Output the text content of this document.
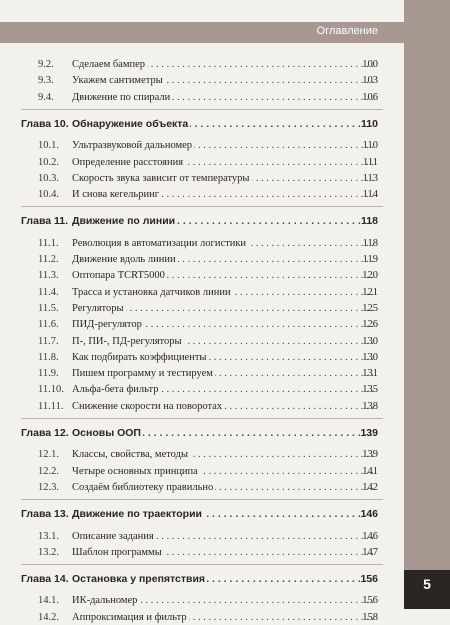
Оглавление
9.2. Сделаем бампер . . .	100
9.3. Укажем сантиметры . . .	103
9.4. Движение по спирали . . .	106
Глава 10. Обнаружение объекта . . .	110
10.1. Ультразвуковой дальномер . . .	110
10.2. Определение расстояния . . .	111
10.3. Скорость звука зависит от температуры . . .	113
10.4. И снова кегельринг . . .	114
Глава 11. Движение по линии . . .	118
11.1. Революция в автоматизации логистики . . .	118
11.2. Движение вдоль линии . . .	119
11.3. Оптопара TCRT5000 . . .	120
11.4. Трасса и установка датчиков линии . . .	121
11.5. Регуляторы . . .	125
11.6. ПИД-регулятор . . .	126
11.7. П-, ПИ-, ПД-регуляторы . . .	130
11.8. Как подбирать коэффициенты . . .	130
11.9. Пишем программу и тестируем . . .	131
11.10. Альфа-бета фильтр . . .	135
11.11. Снижение скорости на поворотах . . .	138
Глава 12. Основы ООП . . .	139
12.1. Классы, свойства, методы . . .	139
12.2. Четыре основных принципа . . .	141
12.3. Создаём библиотеку правильно . . .	142
Глава 13. Движение по траектории . . .	146
13.1. Описание задания . . .	146
13.2. Шаблон программы . . .	147
Глава 14. Остановка у препятствия . . .	156
14.1. ИК-дальномер . . .	156
14.2. Аппроксимация и фильтр . . .	158
5
